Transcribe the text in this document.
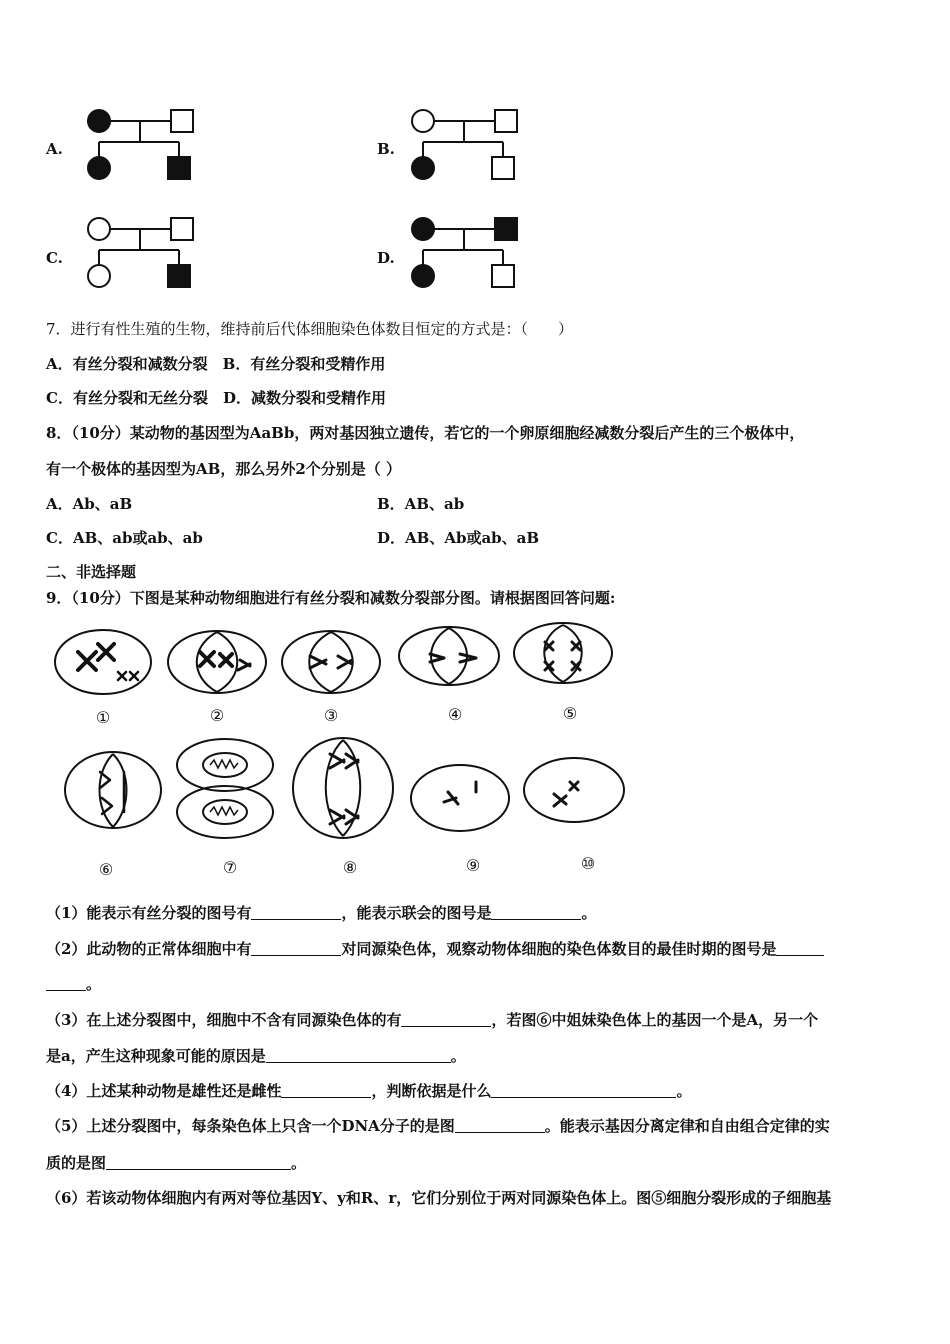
A.	B.
C.	D.
7．进行有性生殖的生物，维持前后代体细胞染色体数目恒定的方式是：（　　）
A．有丝分裂和减数分裂　B．有丝分裂和受精作用
C．有丝分裂和无丝分裂　D．减数分裂和受精作用
8．（10分）某动物的基因型为AaBb，两对基因独立遗传，若它的一个卵原细胞经减数分裂后产生的三个极体中，
有一个极体的基因型为AB，那么另外2个分别是（ ）
A．Ab、aB	B．AB、ab
C．AB、ab或ab、ab	D．AB、Ab或ab、aB
二、非选择题
9．（10分）下图是某种动物细胞进行有丝分裂和减数分裂部分图。请根据图回答问题:
①	②	③	④	⑤
⑥	⑦	⑧	⑨	⑩
（1）能表示有丝分裂的图号有	，能表示联会的图号是	。
（2）此动物的正常体细胞中有	对同源染色体，观察动物体细胞的染色体数目的最佳时期的图号是
。
（3）在上述分裂图中，细胞中不含有同源染色体的有	，若图⑥中姐妹染色体上的基因一个是A，另一个
是a，产生这种现象可能的原因是	。
（4）上述某种动物是雄性还是雌性	，判断依据是什么	。
（5）上述分裂图中，每条染色体上只含一个DNA分子的是图	。能表示基因分离定律和自由组合定律的实
质的是图	。
（6）若该动物体细胞内有两对等位基因Y、y和R、r，它们分别位于两对同源染色体上。图⑤细胞分裂形成的子细胞基
